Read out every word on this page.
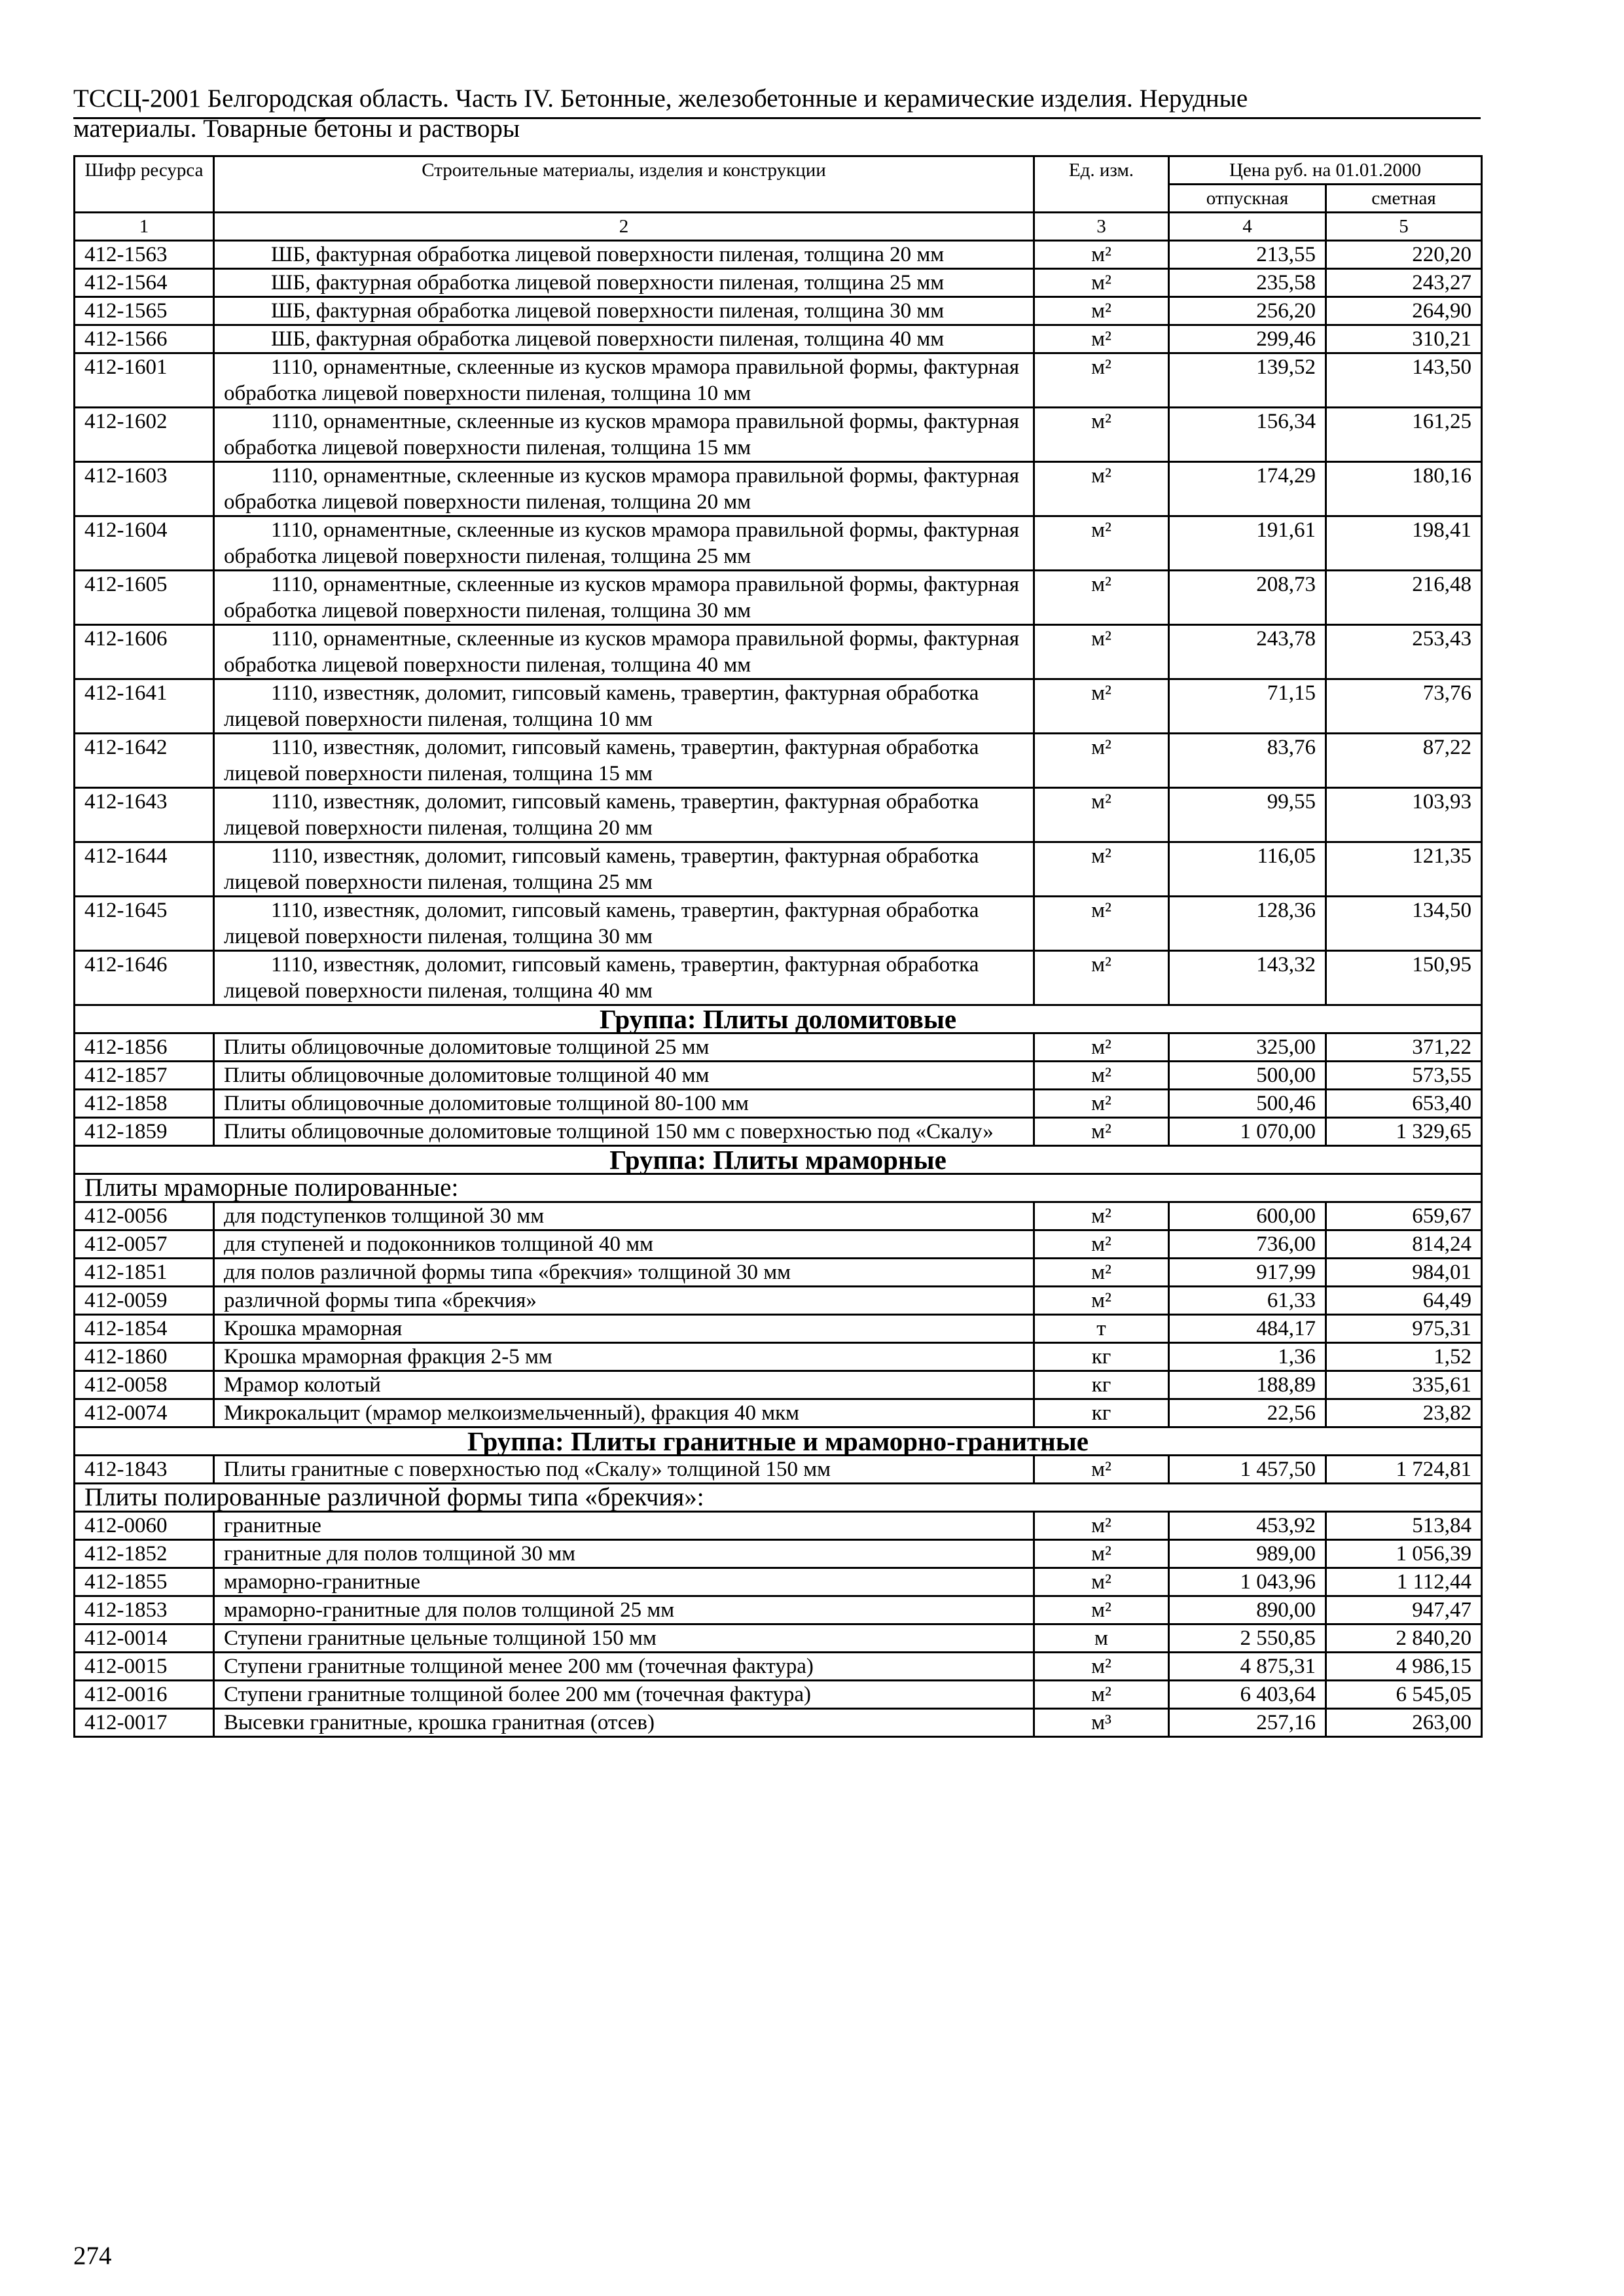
ТССЦ-2001 Белгородская область. Часть IV. Бетонные, железобетонные и керамические изделия. Нерудные
материалы. Товарные бетоны и растворы
Шифр ресурса	Строительные материалы, изделия и конструкции	Ед. изм.	Цена руб. на 01.01.2000	
			отпускная	сметная
1	2	3	4	5
412-1563	ШБ, фактурная обработка лицевой поверхности пиленая, толщина 20 мм	м²	213,55	220,20
412-1564	ШБ, фактурная обработка лицевой поверхности пиленая, толщина 25 мм	м²	235,58	243,27
412-1565	ШБ, фактурная обработка лицевой поверхности пиленая, толщина 30 мм	м²	256,20	264,90
412-1566	ШБ, фактурная обработка лицевой поверхности пиленая, толщина 40 мм	м²	299,46	310,21
412-1601	1110, орнаментные, склеенные из кусков мрамора правильной формы, фактурная обработка лицевой поверхности пиленая, толщина 10 мм	м²	139,52	143,50
412-1602	1110, орнаментные, склеенные из кусков мрамора правильной формы, фактурная обработка лицевой поверхности пиленая, толщина 15 мм	м²	156,34	161,25
412-1603	1110, орнаментные, склеенные из кусков мрамора правильной формы, фактурная обработка лицевой поверхности пиленая, толщина 20 мм	м²	174,29	180,16
412-1604	1110, орнаментные, склеенные из кусков мрамора правильной формы, фактурная обработка лицевой поверхности пиленая, толщина 25 мм	м²	191,61	198,41
412-1605	1110, орнаментные, склеенные из кусков мрамора правильной формы, фактурная обработка лицевой поверхности пиленая, толщина 30 мм	м²	208,73	216,48
412-1606	1110, орнаментные, склеенные из кусков мрамора правильной формы, фактурная обработка лицевой поверхности пиленая, толщина 40 мм	м²	243,78	253,43
412-1641	1110, известняк, доломит, гипсовый камень, травертин, фактурная обработка лицевой поверхности пиленая, толщина 10 мм	м²	71,15	73,76
412-1642	1110, известняк, доломит, гипсовый камень, травертин, фактурная обработка лицевой поверхности пиленая, толщина 15 мм	м²	83,76	87,22
412-1643	1110, известняк, доломит, гипсовый камень, травертин, фактурная обработка лицевой поверхности пиленая, толщина 20 мм	м²	99,55	103,93
412-1644	1110, известняк, доломит, гипсовый камень, травертин, фактурная обработка лицевой поверхности пиленая, толщина 25 мм	м²	116,05	121,35
412-1645	1110, известняк, доломит, гипсовый камень, травертин, фактурная обработка лицевой поверхности пиленая, толщина 30 мм	м²	128,36	134,50
412-1646	1110, известняк, доломит, гипсовый камень, травертин, фактурная обработка лицевой поверхности пиленая, толщина 40 мм	м²	143,32	150,95
Группа: Плиты доломитовые				
412-1856	Плиты облицовочные доломитовые толщиной 25 мм	м²	325,00	371,22
412-1857	Плиты облицовочные доломитовые толщиной 40 мм	м²	500,00	573,55
412-1858	Плиты облицовочные доломитовые толщиной 80-100 мм	м²	500,46	653,40
412-1859	Плиты облицовочные доломитовые толщиной 150 мм с поверхностью под «Скалу»	м²	1 070,00	1 329,65
Группа: Плиты мраморные				
Плиты мраморные полированные:				
412-0056	для подступенков толщиной 30 мм	м²	600,00	659,67
412-0057	для ступеней и подоконников толщиной 40 мм	м²	736,00	814,24
412-1851	для полов различной формы типа «брекчия» толщиной 30 мм	м²	917,99	984,01
412-0059	различной формы типа «брекчия»	м²	61,33	64,49
412-1854	Крошка мраморная	т	484,17	975,31
412-1860	Крошка мраморная фракция 2-5 мм	кг	1,36	1,52
412-0058	Мрамор колотый	кг	188,89	335,61
412-0074	Микрокальцит (мрамор мелкоизмельченный), фракция 40 мкм	кг	22,56	23,82
Группа: Плиты гранитные и мраморно-гранитные				
412-1843	Плиты гранитные с поверхностью под «Скалу» толщиной 150 мм	м²	1 457,50	1 724,81
Плиты полированные различной формы типа «брекчия»:				
412-0060	гранитные	м²	453,92	513,84
412-1852	гранитные для полов толщиной 30 мм	м²	989,00	1 056,39
412-1855	мраморно-гранитные	м²	1 043,96	1 112,44
412-1853	мраморно-гранитные для полов толщиной 25 мм	м²	890,00	947,47
412-0014	Ступени гранитные цельные толщиной 150 мм	м	2 550,85	2 840,20
412-0015	Ступени гранитные толщиной менее 200 мм (точечная фактура)	м²	4 875,31	4 986,15
412-0016	Ступени гранитные толщиной более 200 мм (точечная фактура)	м²	6 403,64	6 545,05
412-0017	Высевки гранитные, крошка гранитная (отсев)	м³	257,16	263,00
274
